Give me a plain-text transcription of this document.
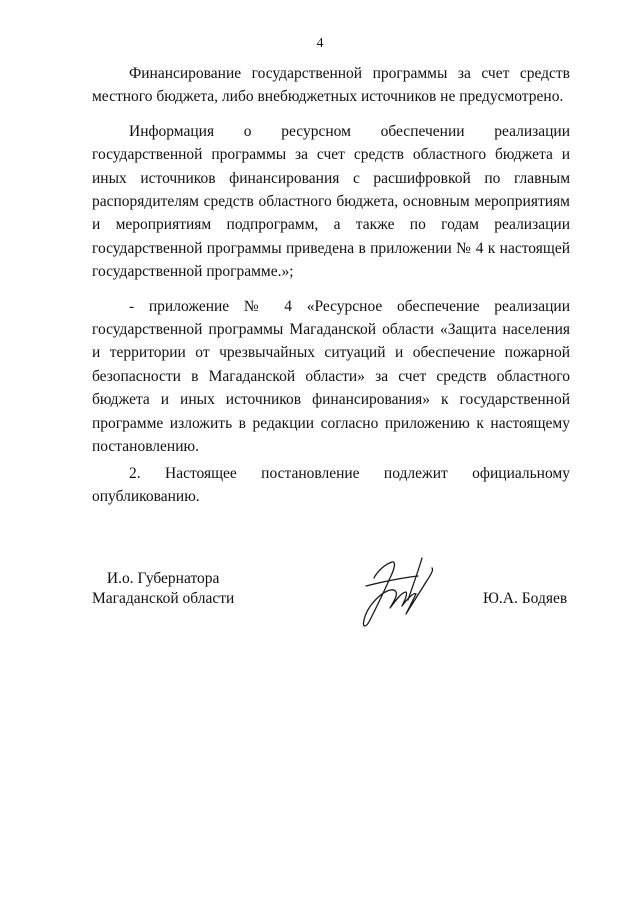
4

Финансирование государственной программы за счет средств местного бюджета, либо внебюджетных источников не предусмотрено.

Информация о ресурсном обеспечении реализации государственной программы за счет средств областного бюджета и иных источников финансирования с расшифровкой по главным распорядителям средств областного бюджета, основным мероприятиям и мероприятиям подпрограмм, а также по годам реализации государственной программы приведена в приложении № 4 к настоящей государственной программе.»;

- приложение № 4 «Ресурсное обеспечение реализации государственной программы Магаданской области «Защита населения и территории от чрезвычайных ситуаций и обеспечение пожарной безопасности в Магаданской области» за счет средств областного бюджета и иных источников финансирования» к государственной программе изложить в редакции согласно приложению к настоящему постановлению.

2. Настоящее постановление подлежит официальному опубликованию.

И.о. Губернатора
Магаданской области	Ю.А. Бодяев
